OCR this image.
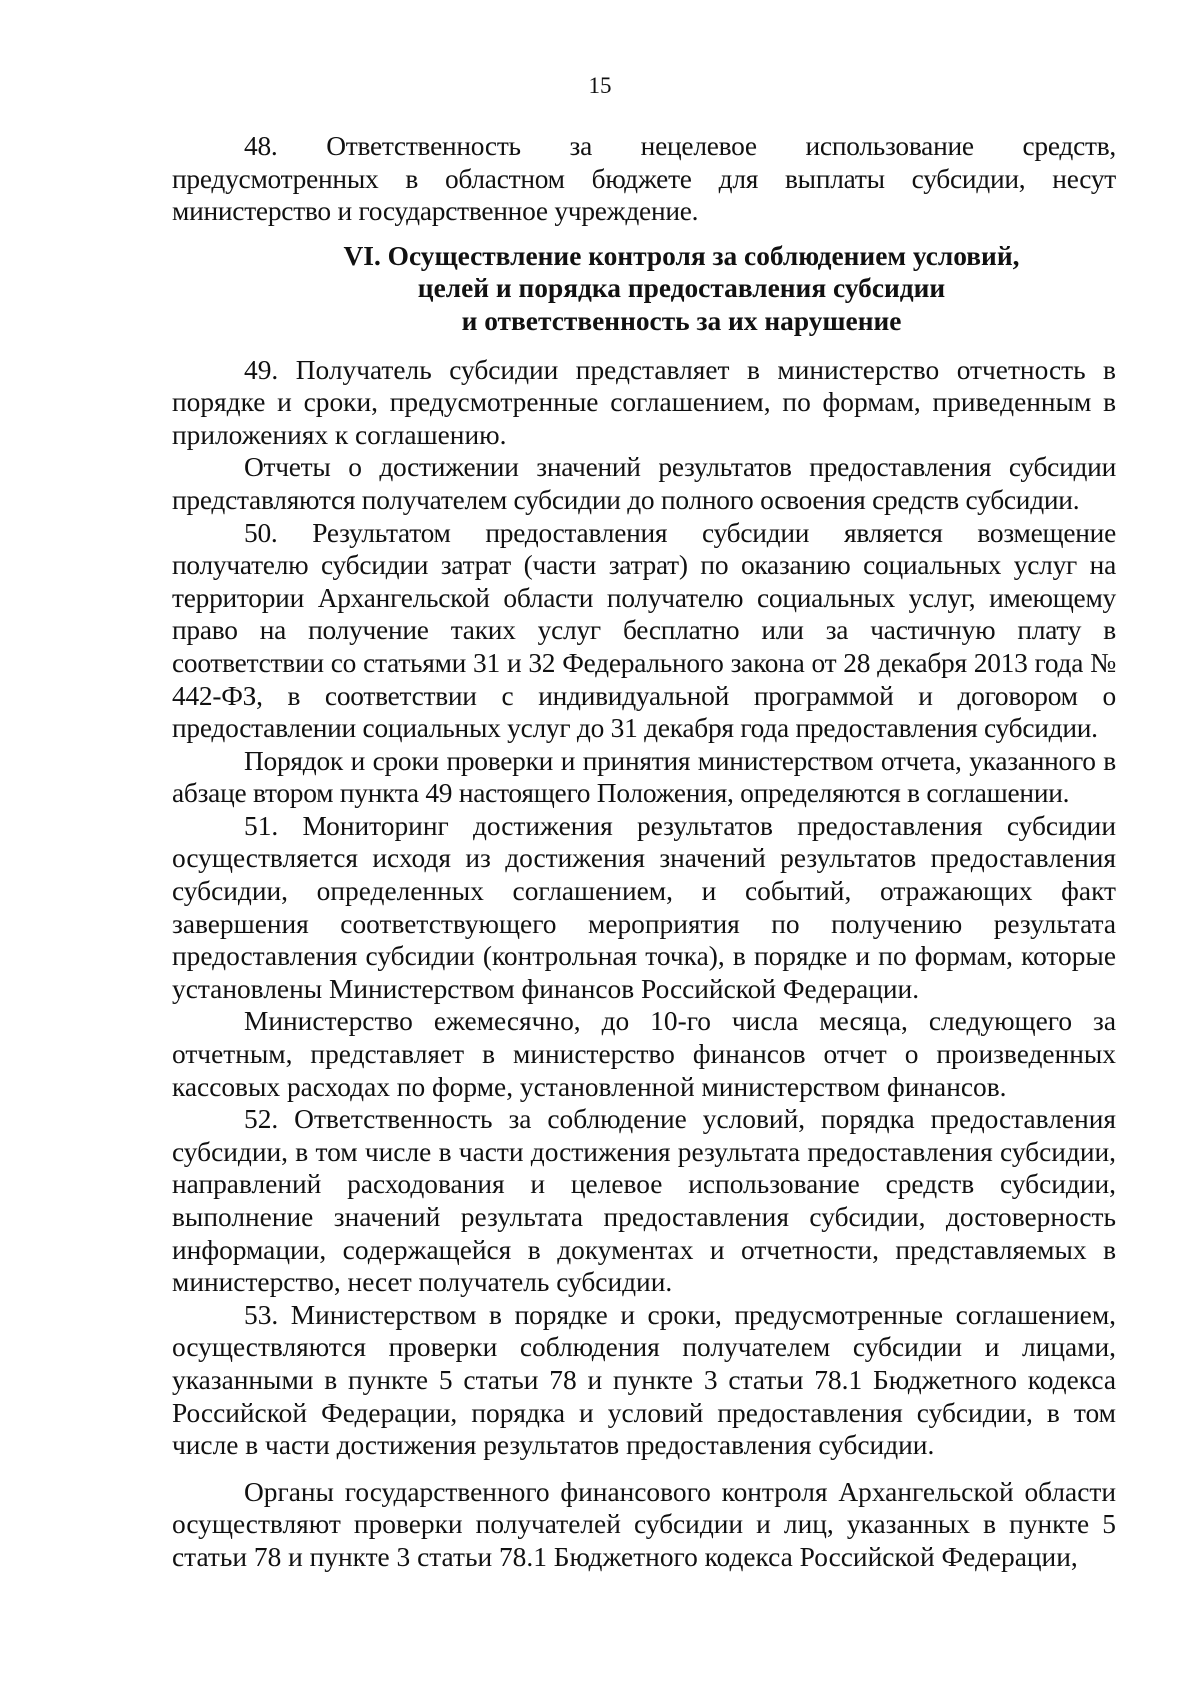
15

48. Ответственность за нецелевое использование средств, предусмотренных в областном бюджете для выплаты субсидии, несут министерство и государственное учреждение.

VI. Осуществление контроля за соблюдением условий,
целей и порядка предоставления субсидии
и ответственность за их нарушение

49. Получатель субсидии представляет в министерство отчетность в порядке и сроки, предусмотренные соглашением, по формам, приведенным в приложениях к соглашению.

Отчеты о достижении значений результатов предоставления субсидии представляются получателем субсидии до полного освоения средств субсидии.

50. Результатом предоставления субсидии является возмещение получателю субсидии затрат (части затрат) по оказанию социальных услуг на территории Архангельской области получателю социальных услуг, имеющему право на получение таких услуг бесплатно или за частичную плату в соответствии со статьями 31 и 32 Федерального закона от 28 декабря 2013 года № 442-ФЗ, в соответствии с индивидуальной программой и договором о предоставлении социальных услуг до 31 декабря года предоставления субсидии.

Порядок и сроки проверки и принятия министерством отчета, указанного в абзаце втором пункта 49 настоящего Положения, определяются в соглашении.

51. Мониторинг достижения результатов предоставления субсидии осуществляется исходя из достижения значений результатов предоставления субсидии, определенных соглашением, и событий, отражающих факт завершения соответствующего мероприятия по получению результата предоставления субсидии (контрольная точка), в порядке и по формам, которые установлены Министерством финансов Российской Федерации.

Министерство ежемесячно, до 10-го числа месяца, следующего за отчетным, представляет в министерство финансов отчет о произведенных кассовых расходах по форме, установленной министерством финансов.

52. Ответственность за соблюдение условий, порядка предоставления субсидии, в том числе в части достижения результата предоставления субсидии, направлений расходования и целевое использование средств субсидии, выполнение значений результата предоставления субсидии, достоверность информации, содержащейся в документах и отчетности, представляемых в министерство, несет получатель субсидии.

53. Министерством в порядке и сроки, предусмотренные соглашением, осуществляются проверки соблюдения получателем субсидии и лицами, указанными в пункте 5 статьи 78 и пункте 3 статьи 78.1 Бюджетного кодекса Российской Федерации, порядка и условий предоставления субсидии, в том числе в части достижения результатов предоставления субсидии.

Органы государственного финансового контроля Архангельской области осуществляют проверки получателей субсидии и лиц, указанных в пункте 5 статьи 78 и пункте 3 статьи 78.1 Бюджетного кодекса Российской Федерации,
